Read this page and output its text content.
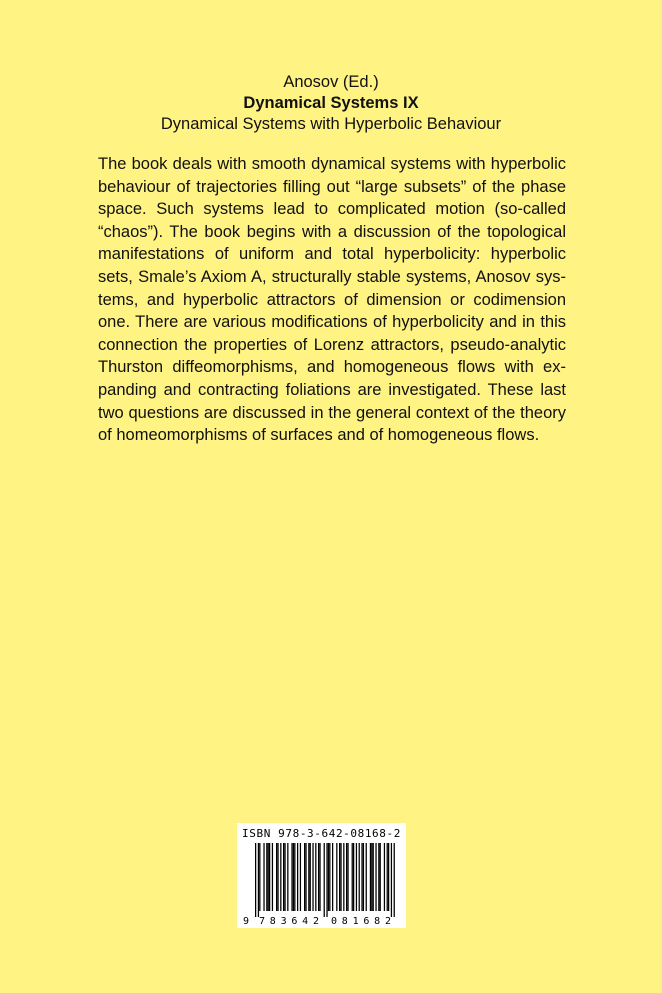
Anosov (Ed.)
Dynamical Systems IX
Dynamical Systems with Hyperbolic Behaviour
The book deals with smooth dynamical systems with hyperbolic behaviour of trajectories filling out “large subsets” of the phase space. Such systems lead to complicated motion (so-called “chaos”). The book begins with a discussion of the topological manifestations of uniform and total hyperbolicity: hyperbolic sets, Smale’s Axiom A, structurally stable systems, Anosov systems, and hyperbolic attractors of dimension or codimension one. There are various modifications of hyperbolicity and in this connection the properties of Lorenz attractors, pseudo-analytic Thurston diffeomorphisms, and homogeneous flows with expanding and contracting foliations are investigated. These last two questions are discussed in the general context of the theory of homeomorphisms of surfaces and of homogeneous flows.
ISBN 978-3-642-08168-2
9 783642 081682
